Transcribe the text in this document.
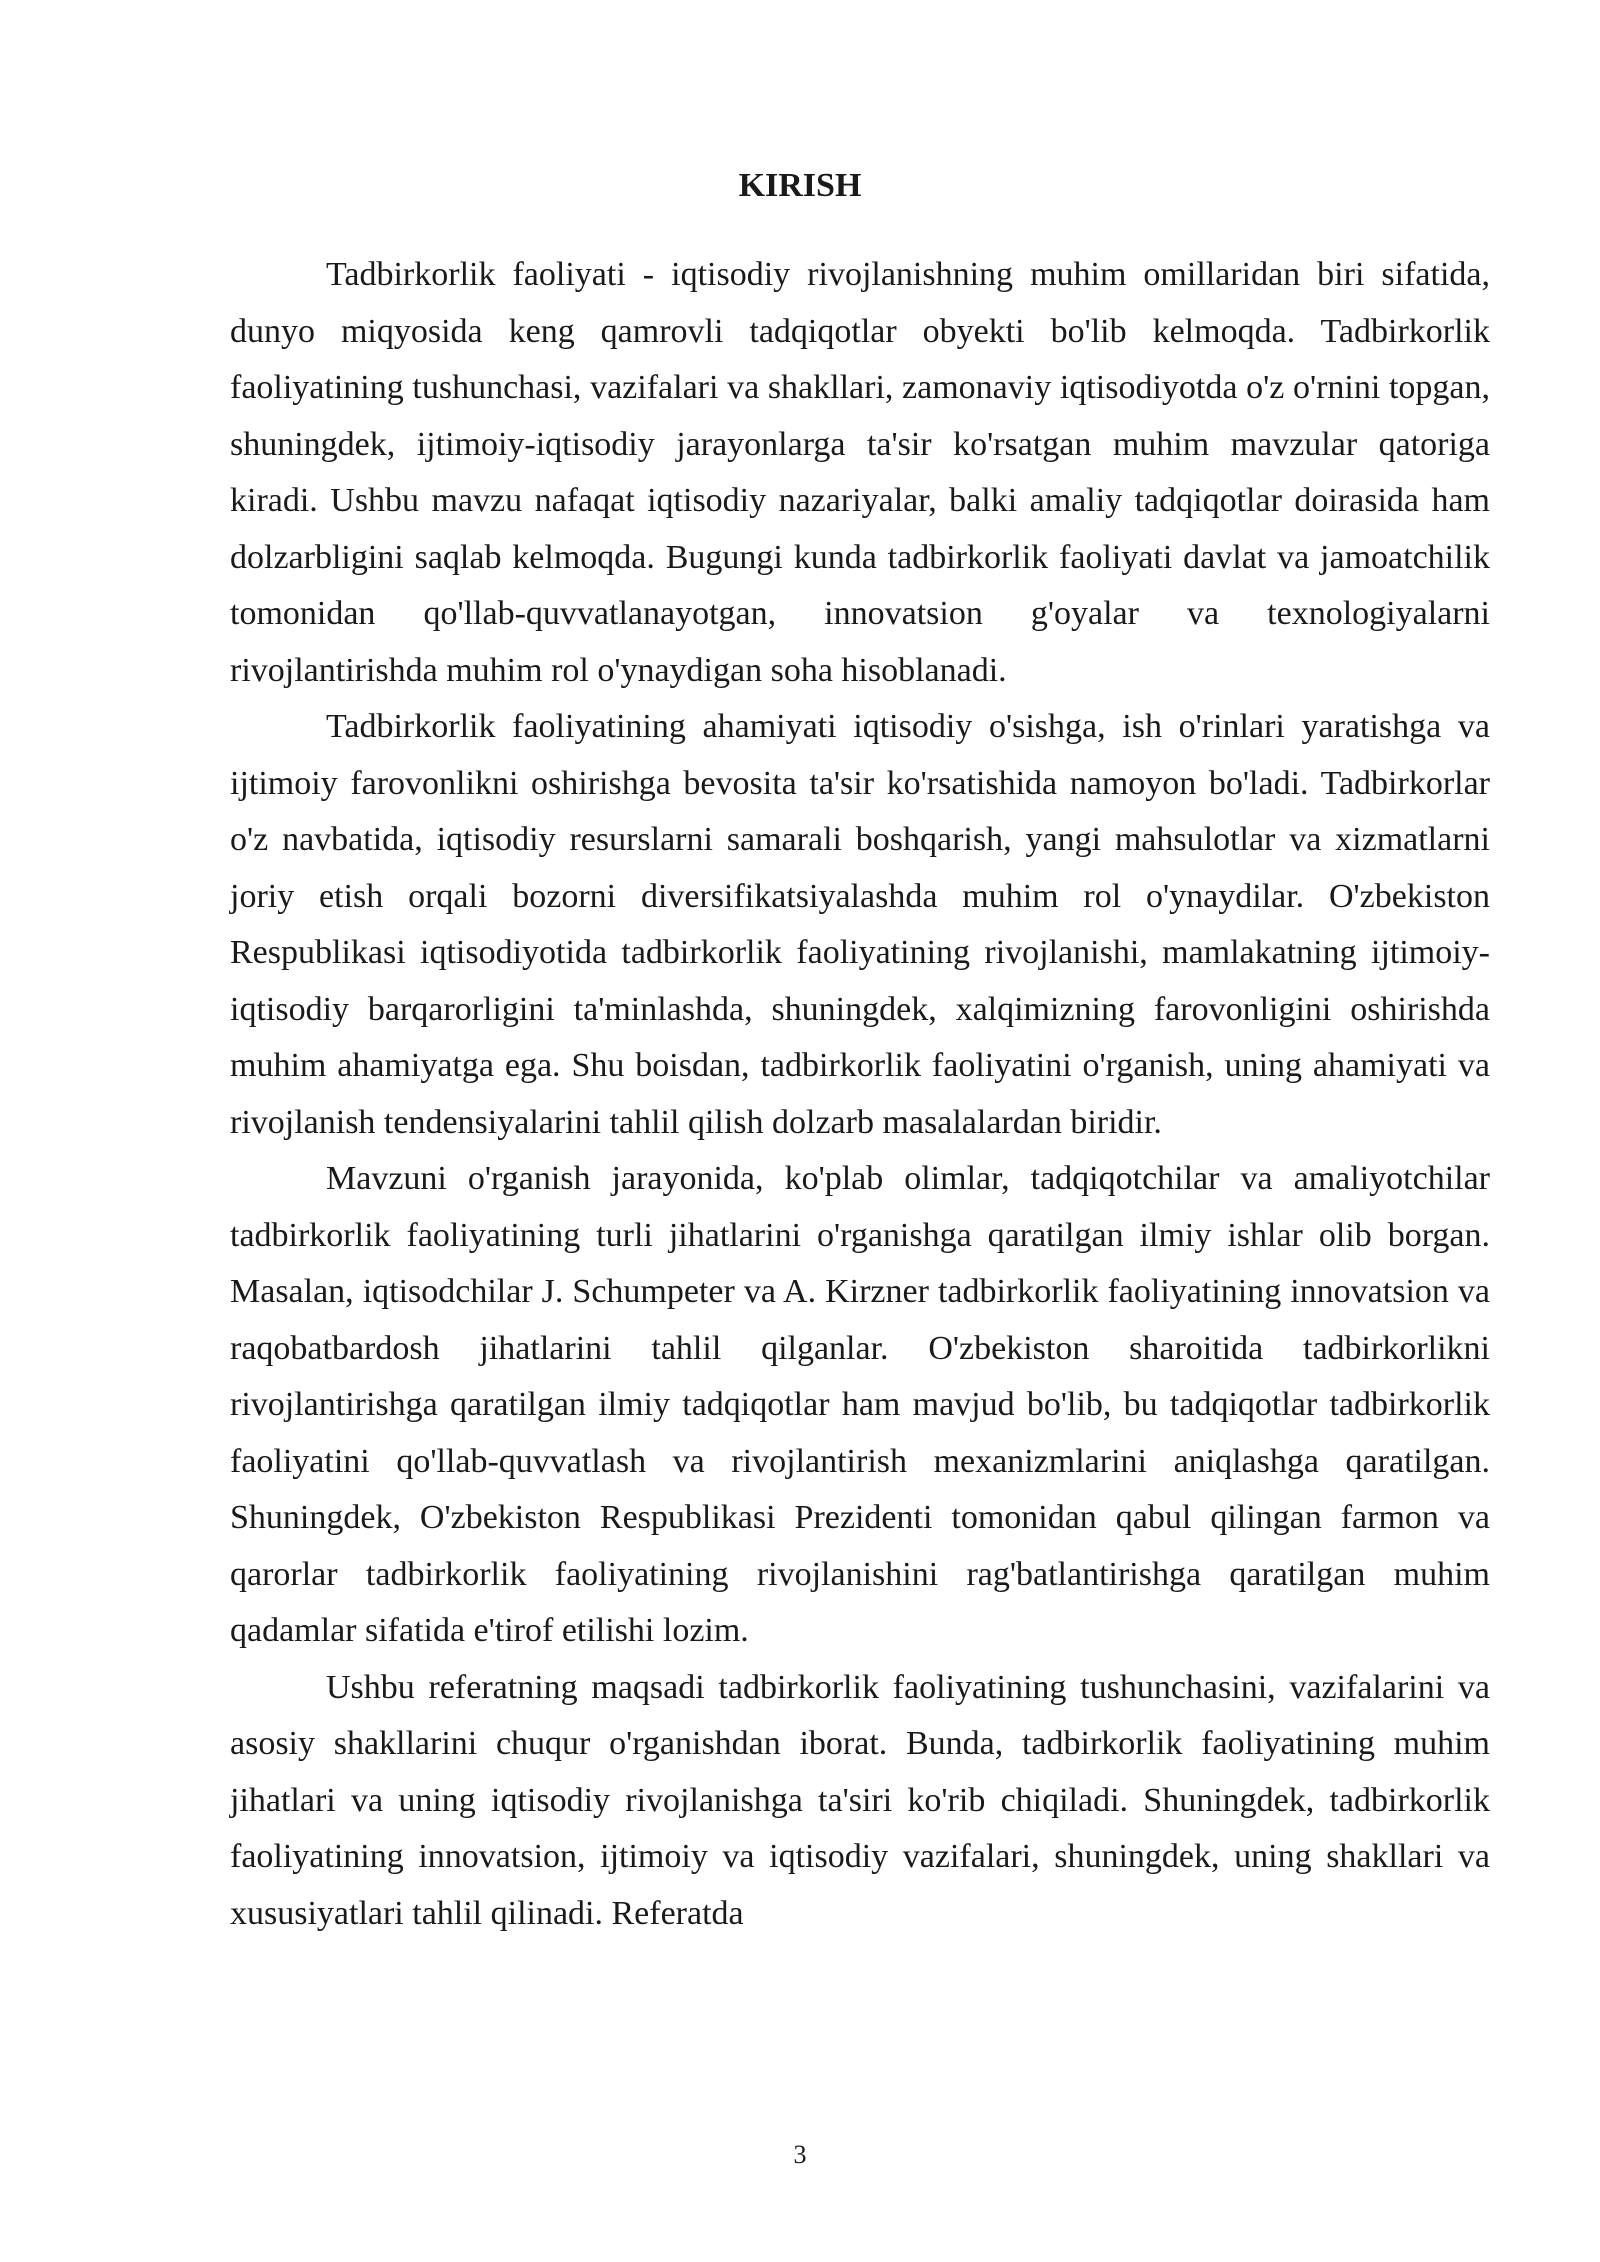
KIRISH

Tadbirkorlik faoliyati - iqtisodiy rivojlanishning muhim omillaridan biri sifatida, dunyo miqyosida keng qamrovli tadqiqotlar obyekti bo'lib kelmoqda. Tadbirkorlik faoliyatining tushunchasi, vazifalari va shakllari, zamonaviy iqtisodiyotda o'z o'rnini topgan, shuningdek, ijtimoiy-iqtisodiy jarayonlarga ta'sir ko'rsatgan muhim mavzular qatoriga kiradi. Ushbu mavzu nafaqat iqtisodiy nazariyalar, balki amaliy tadqiqotlar doirasida ham dolzarbligini saqlab kelmoqda. Bugungi kunda tadbirkorlik faoliyati davlat va jamoatchilik tomonidan qo'llab-quvvatlanayotgan, innovatsion g'oyalar va texnologiyalarni rivojlantirishda muhim rol o'ynaydigan soha hisoblanadi.

Tadbirkorlik faoliyatining ahamiyati iqtisodiy o'sishga, ish o'rinlari yaratishga va ijtimoiy farovonlikni oshirishga bevosita ta'sir ko'rsatishida namoyon bo'ladi. Tadbirkorlar o'z navbatida, iqtisodiy resurslarni samarali boshqarish, yangi mahsulotlar va xizmatlarni joriy etish orqali bozorni diversifikatsiyalashda muhim rol o'ynaydilar. O'zbekiston Respublikasi iqtisodiyotida tadbirkorlik faoliyatining rivojlanishi, mamlakatning ijtimoiy-iqtisodiy barqarorligini ta'minlashda, shuningdek, xalqimizning farovonligini oshirishda muhim ahamiyatga ega. Shu boisdan, tadbirkorlik faoliyatini o'rganish, uning ahamiyati va rivojlanish tendensiyalarini tahlil qilish dolzarb masalalardan biridir.

Mavzuni o'rganish jarayonida, ko'plab olimlar, tadqiqotchilar va amaliyotchilar tadbirkorlik faoliyatining turli jihatlarini o'rganishga qaratilgan ilmiy ishlar olib borgan. Masalan, iqtisodchilar J. Schumpeter va A. Kirzner tadbirkorlik faoliyatining innovatsion va raqobatbardosh jihatlarini tahlil qilganlar. O'zbekiston sharoitida tadbirkorlikni rivojlantirishga qaratilgan ilmiy tadqiqotlar ham mavjud bo'lib, bu tadqiqotlar tadbirkorlik faoliyatini qo'llab-quvvatlash va rivojlantirish mexanizmlarini aniqlashga qaratilgan. Shuningdek, O'zbekiston Respublikasi Prezidenti tomonidan qabul qilingan farmon va qarorlar tadbirkorlik faoliyatining rivojlanishini rag'batlantirishga qaratilgan muhim qadamlar sifatida e'tirof etilishi lozim.

Ushbu referatning maqsadi tadbirkorlik faoliyatining tushunchasini, vazifalarini va asosiy shakllarini chuqur o'rganishdan iborat. Bunda, tadbirkorlik faoliyatining muhim jihatlari va uning iqtisodiy rivojlanishga ta'siri ko'rib chiqiladi. Shuningdek, tadbirkorlik faoliyatining innovatsion, ijtimoiy va iqtisodiy vazifalari, shuningdek, uning shakllari va xususiyatlari tahlil qilinadi. Referatda

3
